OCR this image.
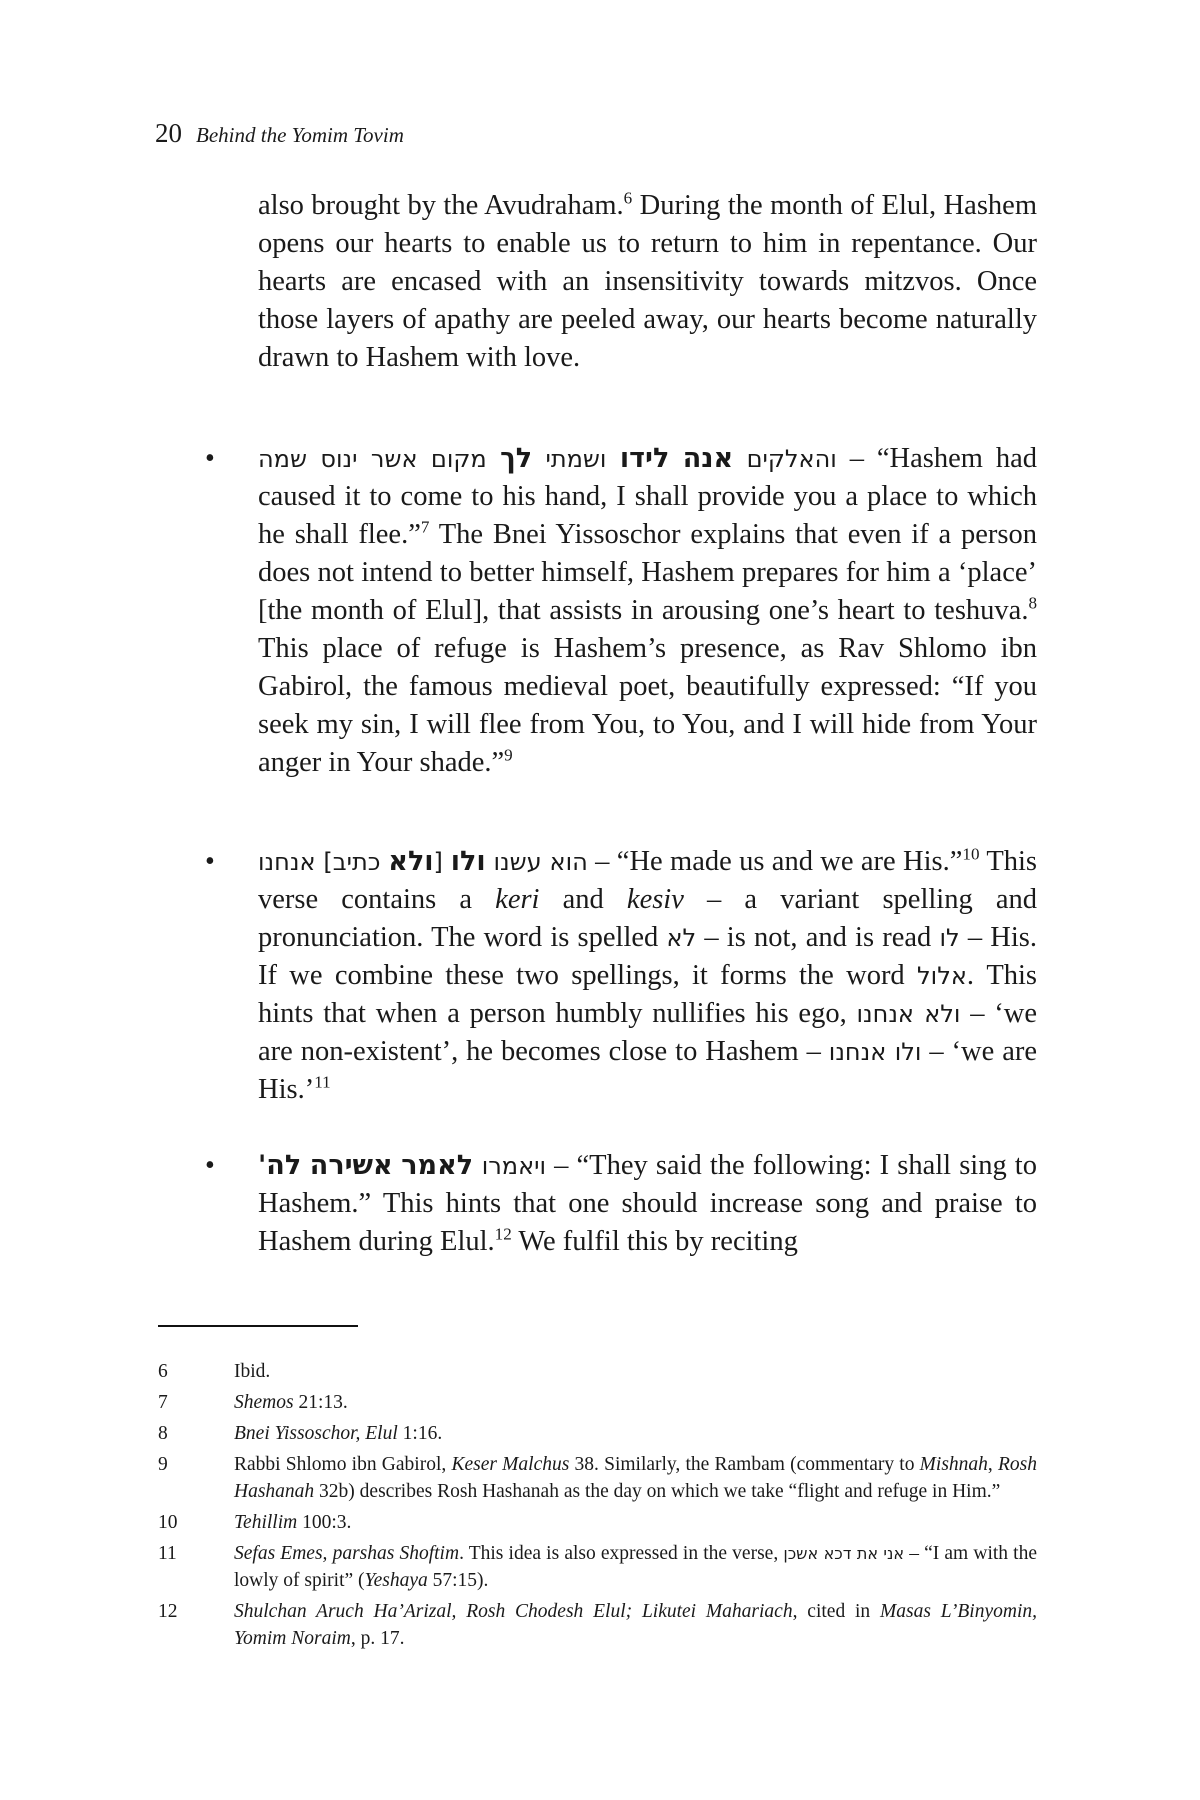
20 Behind the Yomim Tovim

also brought by the Avudraham.$^6$ During the month of Elul, Hashem opens our hearts to enable us to return to him in repentance. Our hearts are encased with an insensitivity towards mitzvos. Once those layers of apathy are peeled away, our hearts become naturally drawn to Hashem with love.

•	והאלקים אנה לידו ושמתי לך מקום אשר ינוס שמה	– “Hashem had caused it to come to his hand, I shall provide you a place to which he shall flee.”$^7$ The Bnei Yissoschor explains that even if a person does not intend to better himself, Hashem prepares for him a ‘place’ [the month of Elul], that assists in arousing one’s heart to teshuva.$^8$ This place of refuge is Hashem’s presence, as Rav Shlomo ibn Gabirol, the famous medieval poet, beautifully expressed: “If you seek my sin, I will flee from You, to You, and I will hide from Your anger in Your shade.”$^9$
•	הוא עשנו ולו [ולא כתיב] אנחנו	– “He made us and we are His.”$^{10}$ This verse contains a keri and kesiv – a variant spelling and pronunciation. The word is spelled לא – is not, and is read לו – His. If we combine these two spellings, it forms the word אלול. This hints that when a person humbly nullifies his ego, ולא אנחנו – ‘we are non-existent’, he becomes close to Hashem – ולו אנחנו – ‘we are His.’$^{11}$
•	ויאמרו לאמר אשירה לה'	– “They said the following: I shall sing to Hashem.” This hints that one should increase song and praise to Hashem during Elul.$^{12}$ We fulfil this by reciting
6	Ibid.
7	Shemos 21:13.
8	Bnei Yissoschor, Elul 1:16.
9	Rabbi Shlomo ibn Gabirol, Keser Malchus 38. Similarly, the Rambam (commentary to Mishnah, Rosh Hashanah 32b) describes Rosh Hashanah as the day on which we take “flight and refuge in Him.”
10	Tehillim 100:3.
11	Sefas Emes, parshas Shoftim. This idea is also expressed in the verse, אני את דכא אשכן – “I am with the lowly of spirit” (Yeshaya 57:15).
12	Shulchan Aruch Ha’Arizal, Rosh Chodesh Elul; Likutei Maharіach, cited in Masas L’Binyomin, Yomim Noraim, p. 17.
